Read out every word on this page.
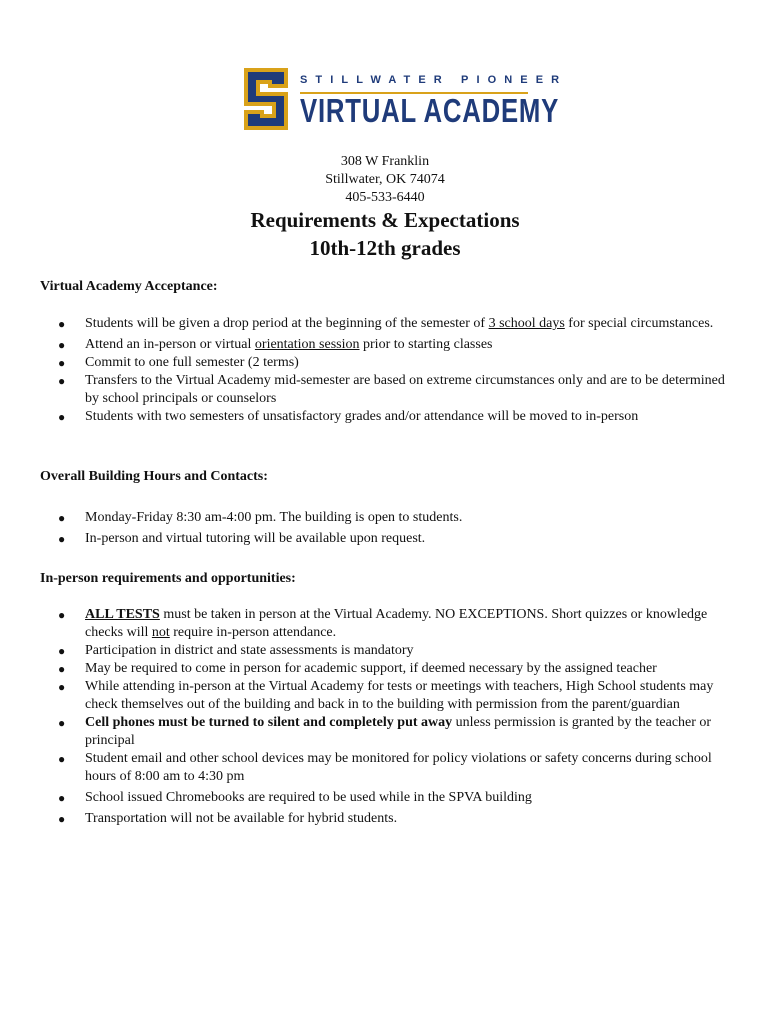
STILLWATER PIONEER
VIRTUAL ACADEMY
308 W Franklin
Stillwater, OK 74074
405-533-6440
Requirements & Expectations
10th-12th grades
Virtual Academy Acceptance:
● Students will be given a drop period at the beginning of the semester of 3 school days for special circumstances.
● Attend an in-person or virtual orientation session prior to starting classes
● Commit to one full semester (2 terms)
● Transfers to the Virtual Academy mid-semester are based on extreme circumstances only and are to be determined by school principals or counselors
● Students with two semesters of unsatisfactory grades and/or attendance will be moved to in-person
Overall Building Hours and Contacts:
● Monday-Friday 8:30 am-4:00 pm. The building is open to students.
● In-person and virtual tutoring will be available upon request.
In-person requirements and opportunities:
● ALL TESTS must be taken in person at the Virtual Academy. NO EXCEPTIONS. Short quizzes or knowledge checks will not require in-person attendance.
● Participation in district and state assessments is mandatory
● May be required to come in person for academic support, if deemed necessary by the assigned teacher
● While attending in-person at the Virtual Academy for tests or meetings with teachers, High School students may check themselves out of the building and back in to the building with permission from the parent/guardian
● Cell phones must be turned to silent and completely put away unless permission is granted by the teacher or principal
● Student email and other school devices may be monitored for policy violations or safety concerns during school hours of 8:00 am to 4:30 pm
● School issued Chromebooks are required to be used while in the SPVA building
● Transportation will not be available for hybrid students.
